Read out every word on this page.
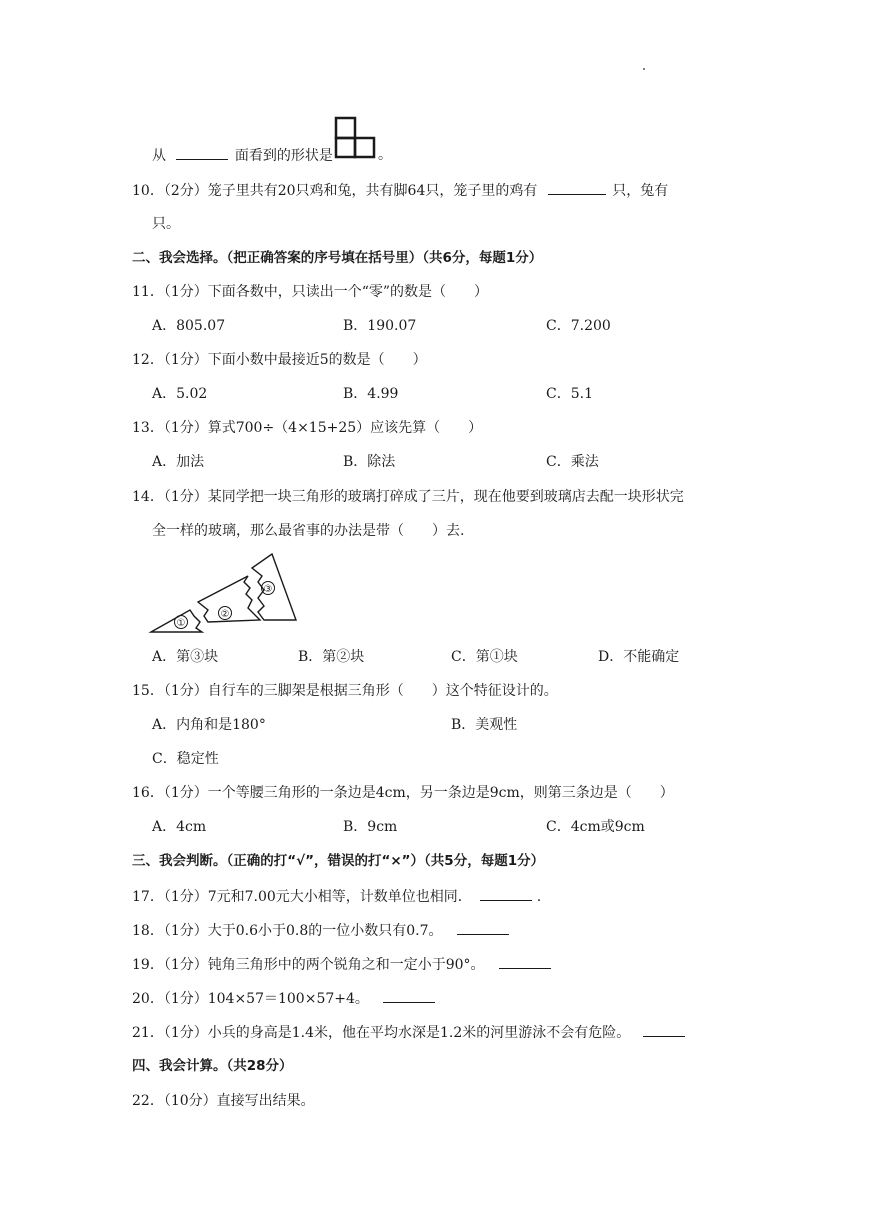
从	面看到的形状是	。
10．（2分）笼子里共有20只鸡和兔，共有脚64只，笼子里的鸡有	只，兔有
只。
二、我会选择。（把正确答案的序号填在括号里）（共6分，每题1分）
11．（1分）下面各数中，只读出一个“零”的数是（　　）
A．805.07	B．190.07	C．7.200
12．（1分）下面小数中最接近5的数是（　　）
A．5.02	B．4.99	C．5.1
13．（1分）算式700÷（4×15+25）应该先算（　　）
A．加法	B．除法	C．乘法
14．（1分）某同学把一块三角形的玻璃打碎成了三片，现在他要到玻璃店去配一块形状完
全一样的玻璃，那么最省事的办法是带（　　）去.
①
②
③
A．第③块	B．第②块	C．第①块	D．不能确定
15．（1分）自行车的三脚架是根据三角形（　　）这个特征设计的。
A．内角和是180°	B．美观性
C．稳定性
16．（1分）一个等腰三角形的一条边是4cm，另一条边是9cm，则第三条边是（　　）
A．4cm	B．9cm	C．4cm或9cm
三、我会判断。（正确的打“√”，错误的打“×”）（共5分，每题1分）
17．（1分）7元和7.00元大小相等，计数单位也相同．	.
18．（1分）大于0.6小于0.8的一位小数只有0.7。
19．（1分）钝角三角形中的两个锐角之和一定小于90°。
20．（1分）104×57＝100×57+4。
21．（1分）小兵的身高是1.4米，他在平均水深是1.2米的河里游泳不会有危险。
四、我会计算。（共28分）
22．（10分）直接写出结果。
